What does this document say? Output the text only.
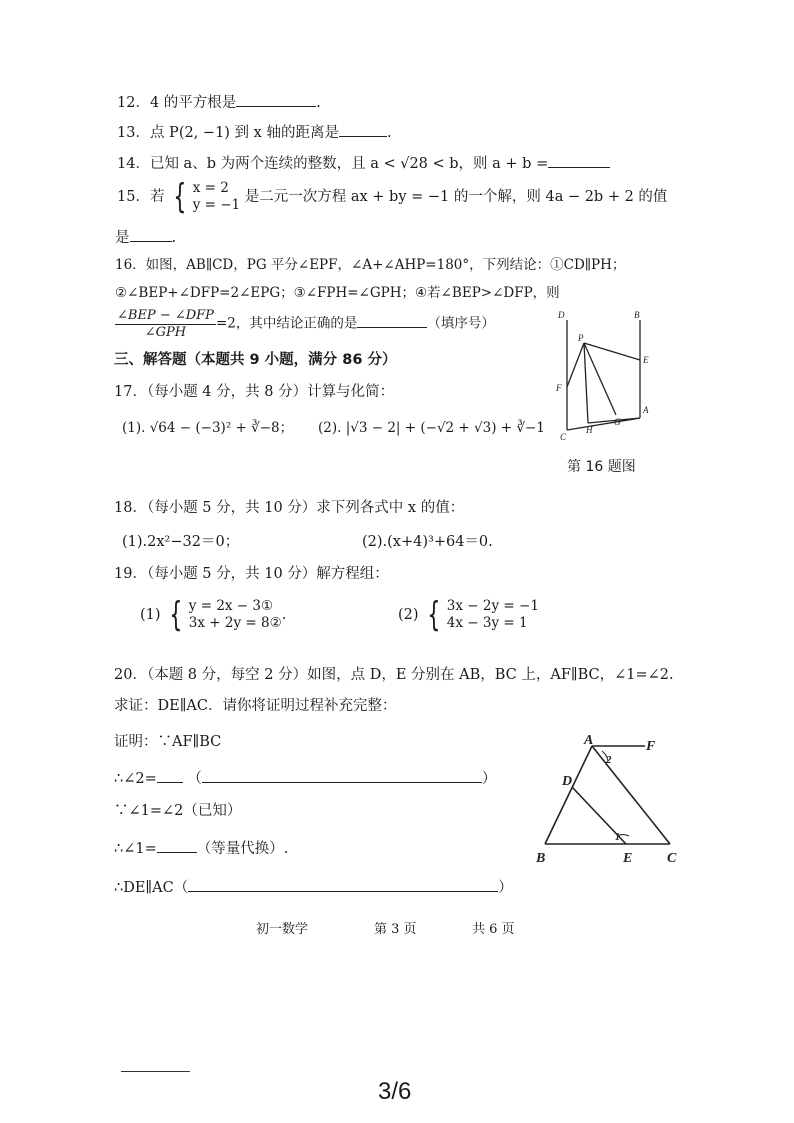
12．4 的平方根是	.
13．点 P(2, −1) 到 x 轴的距离是	.
14．已知 a、b 为两个连续的整数，且 a < √28 < b，则 a + b =
15．若 { x = 2
y = −1 是二元一次方程 ax + by = −1 的一个解，则 4a − 2b + 2 的值
是	.
16．如图，AB∥CD，PG 平分∠EPF，∠A+∠AHP=180°，下列结论：①CD∥PH；
②∠BEP+∠DFP=2∠EPG；③∠FPH=∠GPH；④若∠BEP>∠DFP，则
$\frac{\text{∠BEP − ∠DFP}}{\text{∠GPH}} =2$，其中结论正确的是	（填序号）
D	B
P
E
F
H
G
A
C
第 16 题图
三、解答题（本题共 9 小题，满分 86 分）
17．（每小题 4 分，共 8 分）计算与化简：
(1). √64 − (−3)² + ∛−8； (2). |√3 − 2| + (−√2 + √3) + ∛−1
18．（每小题 5 分，共 10 分）求下列各式中 x 的值：
(1).2x²−32＝0；	(2).(x+4)³+64＝0.
19．（每小题 5 分，共 10 分）解方程组：
(1) { y = 2x − 3①
3x + 2y = 8② .	(2) { 3x − 2y = −1
4x − 3y = 1
20．（本题 8 分，每空 2 分）如图，点 D，E 分别在 AB，BC 上，AF∥BC，∠1=∠2.
求证：DE∥AC．请你将证明过程补充完整：
证明：∵AF∥BC
∴∠2= （	）
∵∠1=∠2（已知）
∴∠1=	（等量代换）.
∴DE∥AC（	）
A	F
2
D
B	E C
1
初一数学	第 3 页	共 6 页
3/6
